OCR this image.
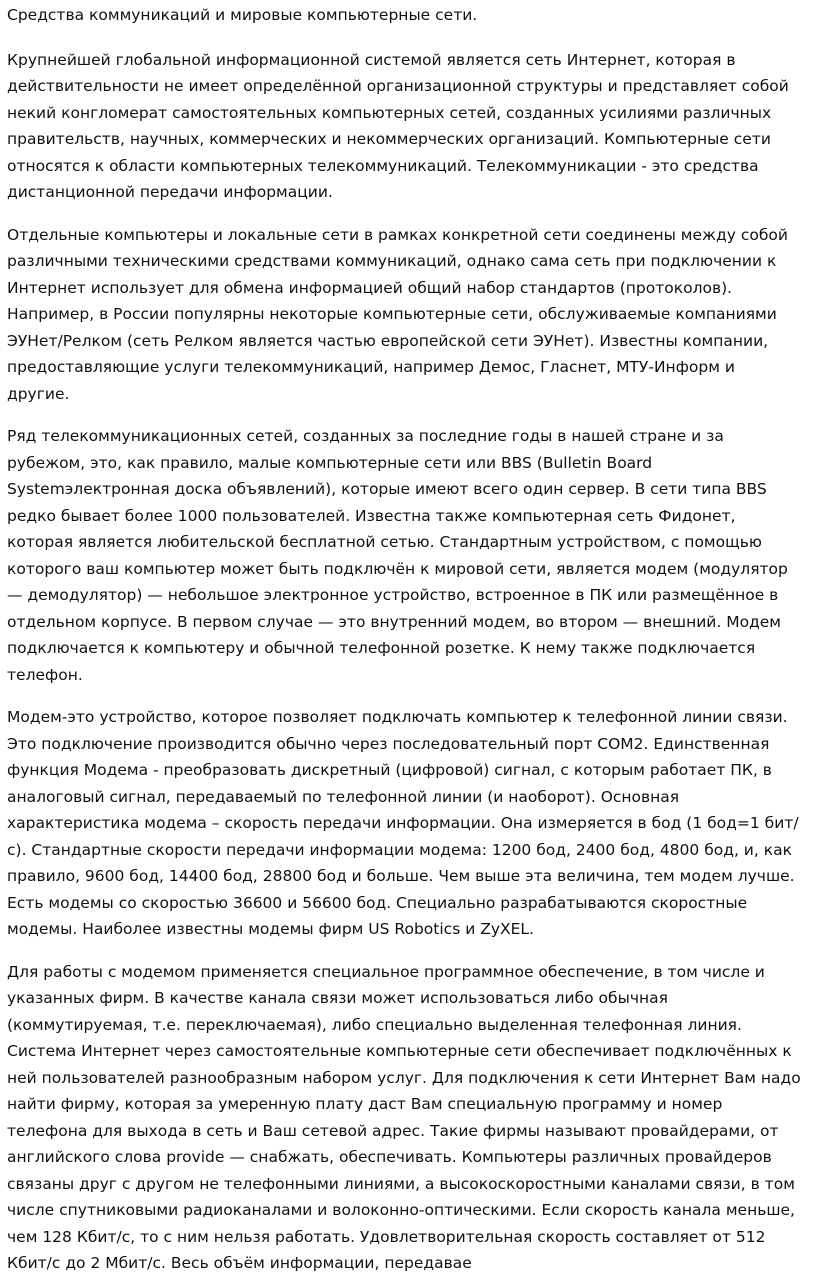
Средства коммуникаций и мировые компьютерные сети.

Крупнейшей глобальной информационной системой является сеть Интернет, которая в действительности не имеет определённой организационной структуры и представляет собой некий конгломерат самостоятельных компьютерных сетей, созданных усилиями различных правительств, научных, коммерческих и некоммерческих организаций. Компьютерные сети относятся к области компьютерных телекоммуникаций. Телекоммуникации - это средства дистанционной передачи информации.

Отдельные компьютеры и локальные сети в рамках конкретной сети соединены между собой различными техническими средствами коммуникаций, однако сама сеть при подключении к Интернет использует для обмена информацией общий набор стандартов (протоколов). Например, в России популярны некоторые компьютерные сети, обслуживаемые компаниями ЭУНет/Релком (сеть Релком является частью европейской сети ЭУНет). Известны компании, предоставляющие услуги телекоммуникаций, например Демос, Гласнет, МТУ-Информ и другие.

Ряд телекоммуникационных сетей, созданных за последние годы в нашей стране и за рубежом, это, как правило, малые компьютерные сети или BBS (Bulletin Board Systemэлектронная доска объявлений), которые имеют всего один сервер. В сети типа BBS редко бывает более 1000 пользователей. Известна также компьютерная сеть Фидонет, которая является любительской бесплатной сетью. Стандартным устройством, с помощью которого ваш компьютер может быть подключён к мировой сети, является модем (модулятор — демодулятор) — небольшое электронное устройство, встроенное в ПК или размещённое в отдельном корпусе. В первом случае — это внутренний модем, во втором — внешний. Модем подключается к компьютеру и обычной телефонной розетке. К нему также подключается телефон.

Модем-это устройство, которое позволяет подключать компьютер к телефонной линии связи. Это подключение производится обычно через последовательный порт COM2. Единственная функция Модема - преобразовать дискретный (цифровой) сигнал, с которым работает ПК, в аналоговый сигнал, передаваемый по телефонной линии (и наоборот). Основная характеристика модема – скорость передачи информации. Она измеряется в бод (1 бод=1 бит/с). Стандартные скорости передачи информации модема: 1200 бод, 2400 бод, 4800 бод, и, как правило, 9600 бод, 14400 бод, 28800 бод и больше. Чем выше эта величина, тем модем лучше. Есть модемы со скоростью 36600 и 56600 бод. Специально разрабатываются скоростные модемы. Наиболее известны модемы фирм US Robotics и ZyXEL.

Для работы с модемом применяется специальное программное обеспечение, в том числе и указанных фирм. В качестве канала связи может использоваться либо обычная (коммутируемая, т.е. переключаемая), либо специально выделенная телефонная линия. Система Интернет через самостоятельные компьютерные сети обеспечивает подключённых к ней пользователей разнообразным набором услуг. Для подключения к сети Интернет Вам надо найти фирму, которая за умеренную плату даст Вам специальную программу и номер телефона для выхода в сеть и Ваш сетевой адрес. Такие фирмы называют провайдерами, от английского слова provide — снабжать, обеспечивать. Компьютеры различных провайдеров связаны друг с другом не телефонными линиями, а высокоскоростными каналами связи, в том числе спутниковыми радиоканалами и волоконно-оптическими. Если скорость канала меньше, чем 128 Кбит/с, то с ним нельзя работать. Удовлетворительная скорость составляет от 512 Кбит/с до 2 Мбит/с. Весь объём информации, передавае
